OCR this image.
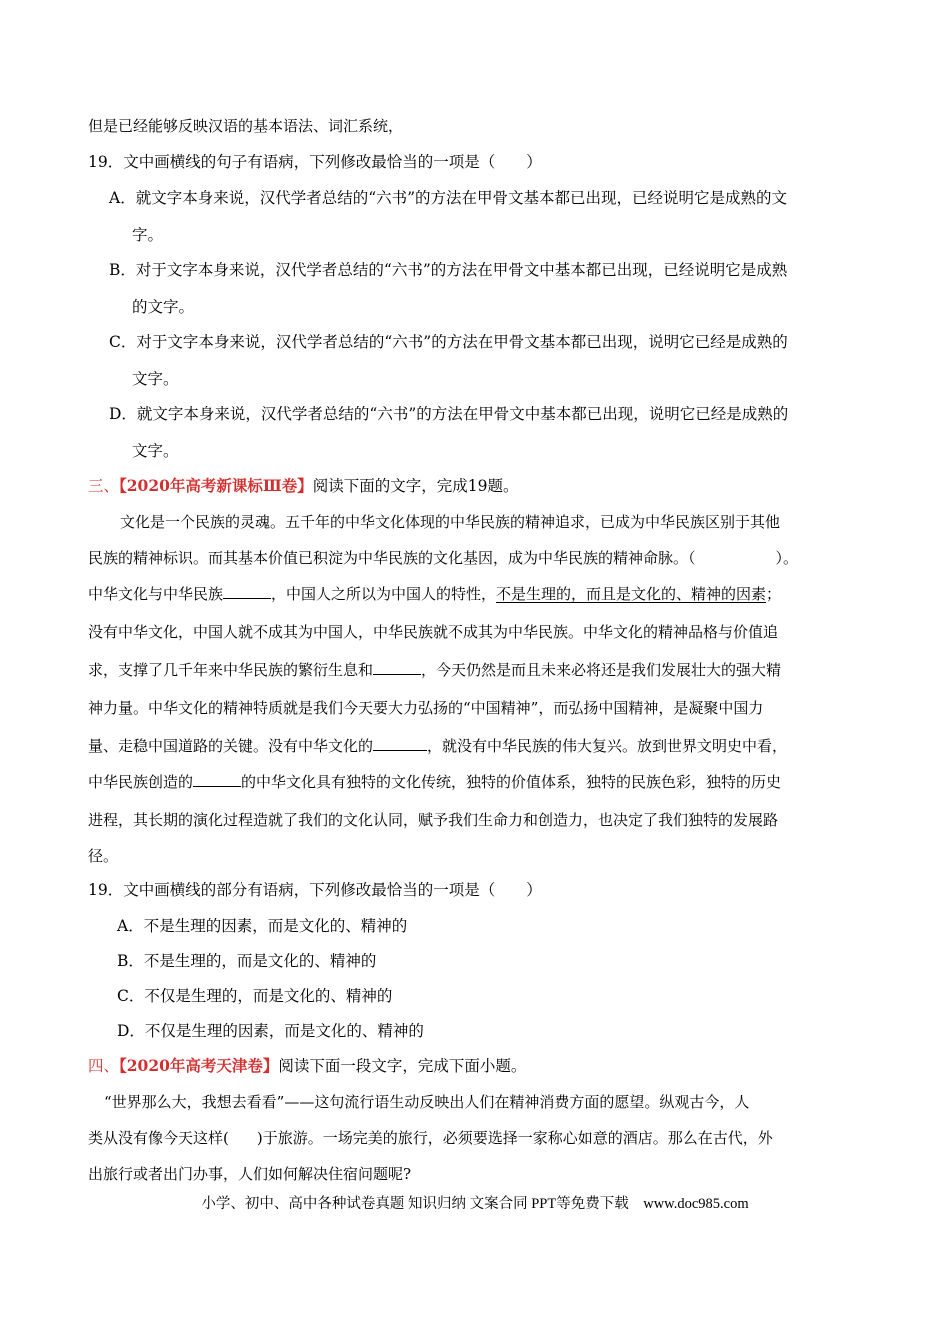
但是已经能够反映汉语的基本语法、词汇系统，
19．文中画横线的句子有语病，下列修改最恰当的一项是（　　）
A．就文字本身来说，汉代学者总结的“六书”的方法在甲骨文基本都已出现，已经说明它是成熟的文
字。
B．对于文字本身来说，汉代学者总结的“六书”的方法在甲骨文中基本都已出现，已经说明它是成熟
的文字。
C．对于文字本身来说，汉代学者总结的“六书”的方法在甲骨文基本都已出现，说明它已经是成熟的
文字。
D．就文字本身来说，汉代学者总结的“六书”的方法在甲骨文中基本都已出现，说明它已经是成熟的
文字。
三、【2020年高考新课标Ⅲ卷】阅读下面的文字，完成19题。
文化是一个民族的灵魂。五千年的中华文化体现的中华民族的精神追求，已成为中华民族区别于其他
民族的精神标识。而其基本价值已积淀为中华民族的文化基因，成为中华民族的精神命脉。（	）。
中华文化与中华民族	，中国人之所以为中国人的特性，不是生理的，而且是文化的、精神的因素；
没有中华文化，中国人就不成其为中国人，中华民族就不成其为中华民族。中华文化的精神品格与价值追
求，支撑了几千年来中华民族的繁衍生息和	，今天仍然是而且未来必将还是我们发展壮大的强大精
神力量。中华文化的精神特质就是我们今天要大力弘扬的“中国精神”，而弘扬中国精神，是凝聚中国力
量、走稳中国道路的关键。没有中华文化的	，就没有中华民族的伟大复兴。放到世界文明史中看，
中华民族创造的	的中华文化具有独特的文化传统，独特的价值体系，独特的民族色彩，独特的历史
进程，其长期的演化过程造就了我们的文化认同，赋予我们生命力和创造力，也决定了我们独特的发展路
径。
19．文中画横线的部分有语病，下列修改最恰当的一项是（　　）
A．不是生理的因素，而是文化的、精神的
B．不是生理的，而是文化的、精神的
C．不仅是生理的，而是文化的、精神的
D．不仅是生理的因素，而是文化的、精神的
四、【2020年高考天津卷】阅读下面一段文字，完成下面小题。
“世界那么大，我想去看看”——这句流行语生动反映出人们在精神消费方面的愿望。纵观古今，人
类从没有像今天这样( )于旅游。一场完美的旅行，必须要选择一家称心如意的酒店。那么在古代，外
出旅行或者出门办事，人们如何解决住宿问题呢?
小学、初中、高中各种试卷真题 知识归纳 文案合同 PPT等免费下载　www.doc985.com
